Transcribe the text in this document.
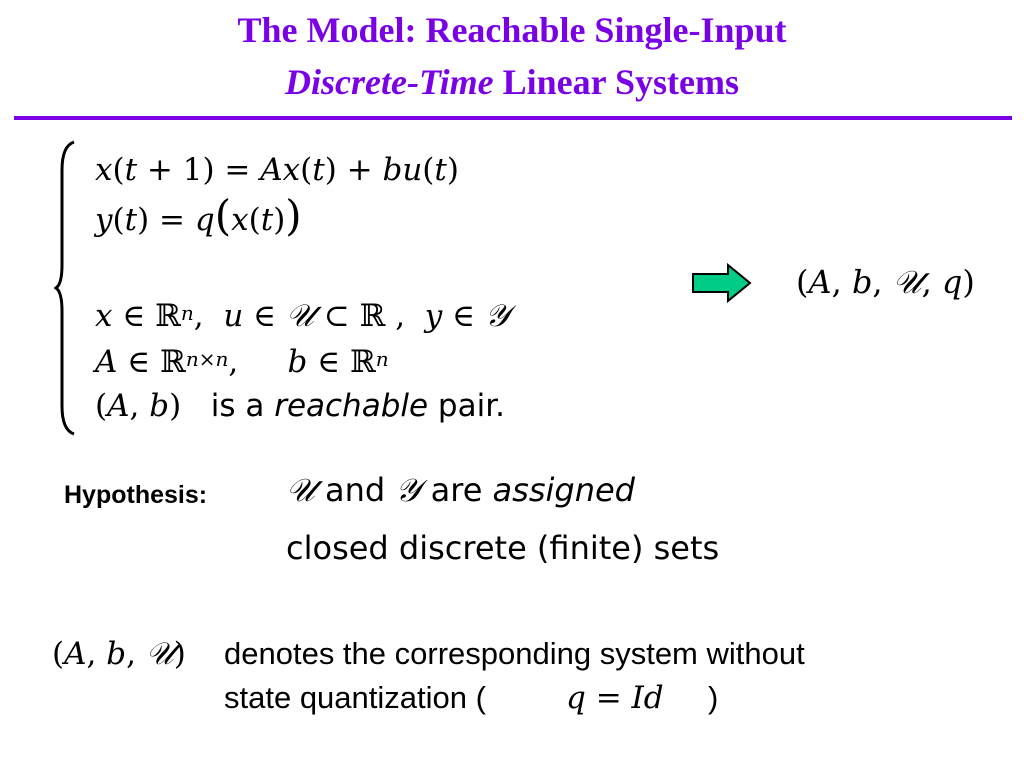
The Model: Reachable Single-Input
Discrete-Time Linear Systems
x(t + 1) = Ax(t) + bu(t)
y(t) = q(x(t))
x ∈ ℝ$^n$,  u ∈ 𝒰 ⊂ ℝ ,  y ∈ 𝒴
A ∈ ℝ$^{n\times n}$,     b ∈ ℝ$^n$
(A, b)   is a reachable pair.
(A, b, 𝒰, q)
Hypothesis: 𝒰 and 𝒴 are assigned
closed discrete (finite) sets
(A, b, 𝒰) denotes the corresponding system without
state quantization (	q = Id )
